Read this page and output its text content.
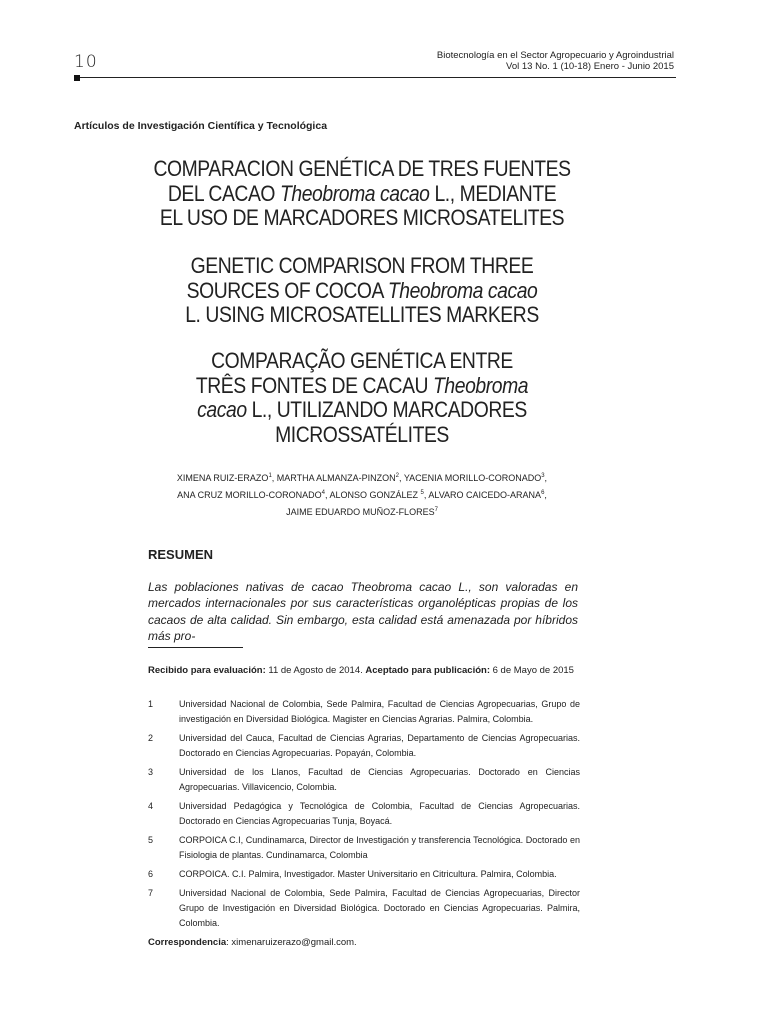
10	Biotecnología en el Sector Agropecuario y Agroindustrial
Vol 13 No. 1 (10-18) Enero - Junio 2015
Artículos de Investigación Científica y Tecnológica
COMPARACION GENÉTICA DE TRES FUENTES
DEL CACAO Theobroma cacao L., MEDIANTE
EL USO DE MARCADORES MICROSATELITES
GENETIC COMPARISON FROM THREE
SOURCES OF COCOA Theobroma cacao
L. USING MICROSATELLITES MARKERS
COMPARAÇÃO GENÉTICA ENTRE
TRÊS FONTES DE CACAU Theobroma
cacao L., UTILIZANDO MARCADORES
MICROSSATÉLITES
XIMENA RUIZ-ERAZO$^1$, MARTHA ALMANZA-PINZON$^2$, YACENIA MORILLO-CORONADO$^3$,
ANA CRUZ MORILLO-CORONADO$^4$, ALONSO GONZÁLEZ $^5$, ALVARO CAICEDO-ARANA$^6$,
JAIME EDUARDO MUÑOZ-FLORES$^7$
RESUMEN
Las poblaciones nativas de cacao Theobroma cacao L., son valoradas en mercados internacionales por sus características organolépticas propias de los cacaos de alta calidad. Sin embargo, esta calidad está amenazada por híbridos más pro-
Recibido para evaluación: 11 de Agosto de 2014. Aceptado para publicación: 6 de Mayo de 2015
1	Universidad Nacional de Colombia, Sede Palmira, Facultad de Ciencias Agropecuarias, Grupo de investigación en Diversidad Biológica. Magister en Ciencias Agrarias. Palmira, Colombia.
2	Universidad del Cauca, Facultad de Ciencias Agrarias, Departamento de Ciencias Agropecuarias. Doctorado en Ciencias Agropecuarias. Popayán, Colombia.
3	Universidad de los Llanos, Facultad de Ciencias Agropecuarias. Doctorado en Ciencias Agropecuarias. Villavicencio, Colombia.
4	Universidad Pedagógica y Tecnológica de Colombia, Facultad de Ciencias Agropecuarias. Doctorado en Ciencias Agropecuarias Tunja, Boyacá.
5	CORPOICA C.I, Cundinamarca, Director de Investigación y transferencia Tecnológica. Doctorado en Fisiologia de plantas. Cundinamarca, Colombia
6	CORPOICA. C.I. Palmira, Investigador. Master Universitario en Citricultura. Palmira, Colombia.
7	Universidad Nacional de Colombia, Sede Palmira, Facultad de Ciencias Agropecuarias, Director Grupo de Investigación en Diversidad Biológica. Doctorado en Ciencias Agropecuarias. Palmira, Colombia.
Correspondencia: ximenaruizerazo@gmail.com.
